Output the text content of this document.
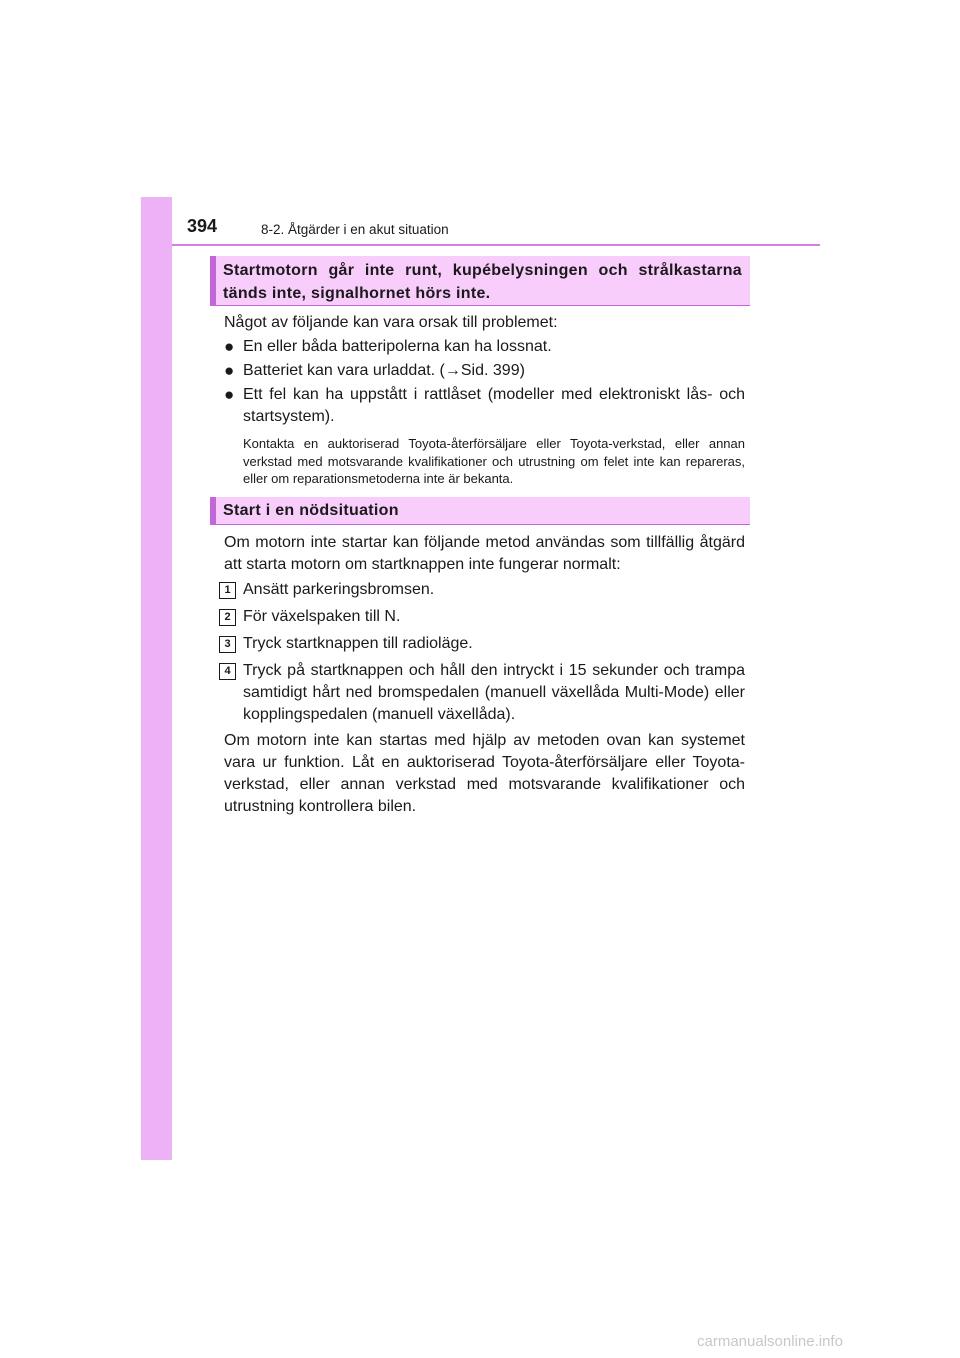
394	8-2. Åtgärder i en akut situation
Startmotorn går inte runt, kupébelysningen och strålkastarna tänds inte, signalhornet hörs inte.
Något av följande kan vara orsak till problemet:
● En eller båda batteripolerna kan ha lossnat.
● Batteriet kan vara urladdat. (→Sid. 399)
● Ett fel kan ha uppstått i rattlåset (modeller med elektroniskt lås- och startsystem).
Kontakta en auktoriserad Toyota-återförsäljare eller Toyota-verkstad, eller annan verkstad med motsvarande kvalifikationer och utrustning om felet inte kan repareras, eller om reparationsmetoderna inte är bekanta.
Start i en nödsituation
Om motorn inte startar kan följande metod användas som tillfällig åtgärd att starta motorn om startknappen inte fungerar normalt:
1 Ansätt parkeringsbromsen.
2 För växelspaken till N.
3 Tryck startknappen till radioläge.
4 Tryck på startknappen och håll den intryckt i 15 sekunder och trampa samtidigt hårt ned bromspedalen (manuell växellåda Multi-Mode) eller kopplingspedalen (manuell växellåda).
Om motorn inte kan startas med hjälp av metoden ovan kan systemet vara ur funktion. Låt en auktoriserad Toyota-återförsäljare eller Toyota-verkstad, eller annan verkstad med motsvarande kvalifikationer och utrustning kontrollera bilen.
carmanualsonline.info
